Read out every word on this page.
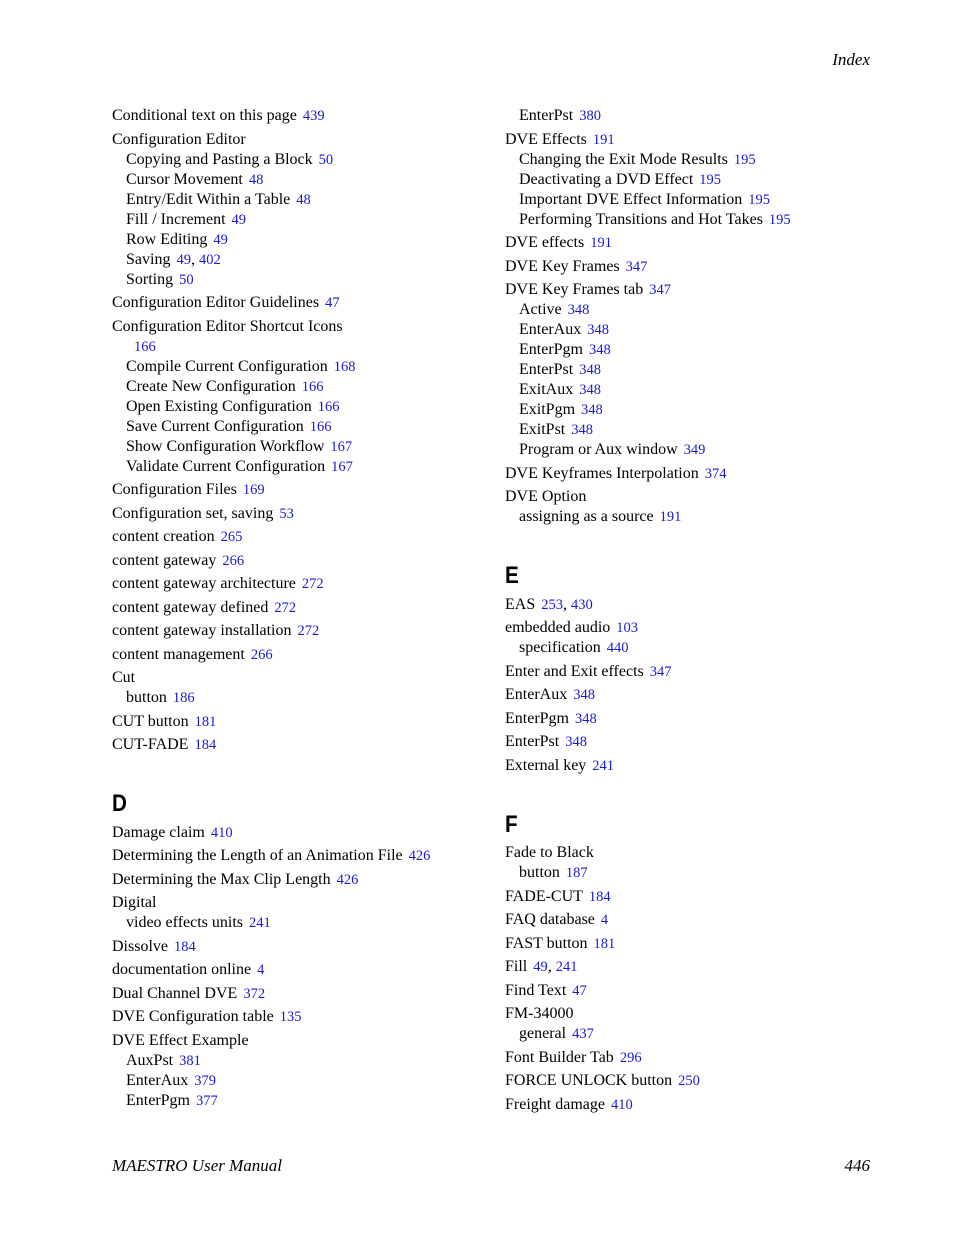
Index
Conditional text on this page 439
Configuration Editor
Copying and Pasting a Block 50
Cursor Movement 48
Entry/Edit Within a Table 48
Fill / Increment 49
Row Editing 49
Saving 49, 402
Sorting 50
Configuration Editor Guidelines 47
Configuration Editor Shortcut Icons
166
Compile Current Configuration 168
Create New Configuration 166
Open Existing Configuration 166
Save Current Configuration 166
Show Configuration Workflow 167
Validate Current Configuration 167
Configuration Files 169
Configuration set, saving 53
content creation 265
content gateway 266
content gateway architecture 272
content gateway defined 272
content gateway installation 272
content management 266
Cut
button 186
CUT button 181
CUT-FADE 184
D
Damage claim 410
Determining the Length of an Animation File 426
Determining the Max Clip Length 426
Digital
video effects units 241
Dissolve 184
documentation online 4
Dual Channel DVE 372
DVE Configuration table 135
DVE Effect Example
AuxPst 381
EnterAux 379
EnterPgm 377
EnterPst 380
DVE Effects 191
Changing the Exit Mode Results 195
Deactivating a DVD Effect 195
Important DVE Effect Information 195
Performing Transitions and Hot Takes 195
DVE effects 191
DVE Key Frames 347
DVE Key Frames tab 347
Active 348
EnterAux 348
EnterPgm 348
EnterPst 348
ExitAux 348
ExitPgm 348
ExitPst 348
Program or Aux window 349
DVE Keyframes Interpolation 374
DVE Option
assigning as a source 191
E
EAS 253, 430
embedded audio 103
specification 440
Enter and Exit effects 347
EnterAux 348
EnterPgm 348
EnterPst 348
External key 241
F
Fade to Black
button 187
FADE-CUT 184
FAQ database 4
FAST button 181
Fill 49, 241
Find Text 47
FM-34000
general 437
Font Builder Tab 296
FORCE UNLOCK button 250
Freight damage 410
MAESTRO User Manual	446
